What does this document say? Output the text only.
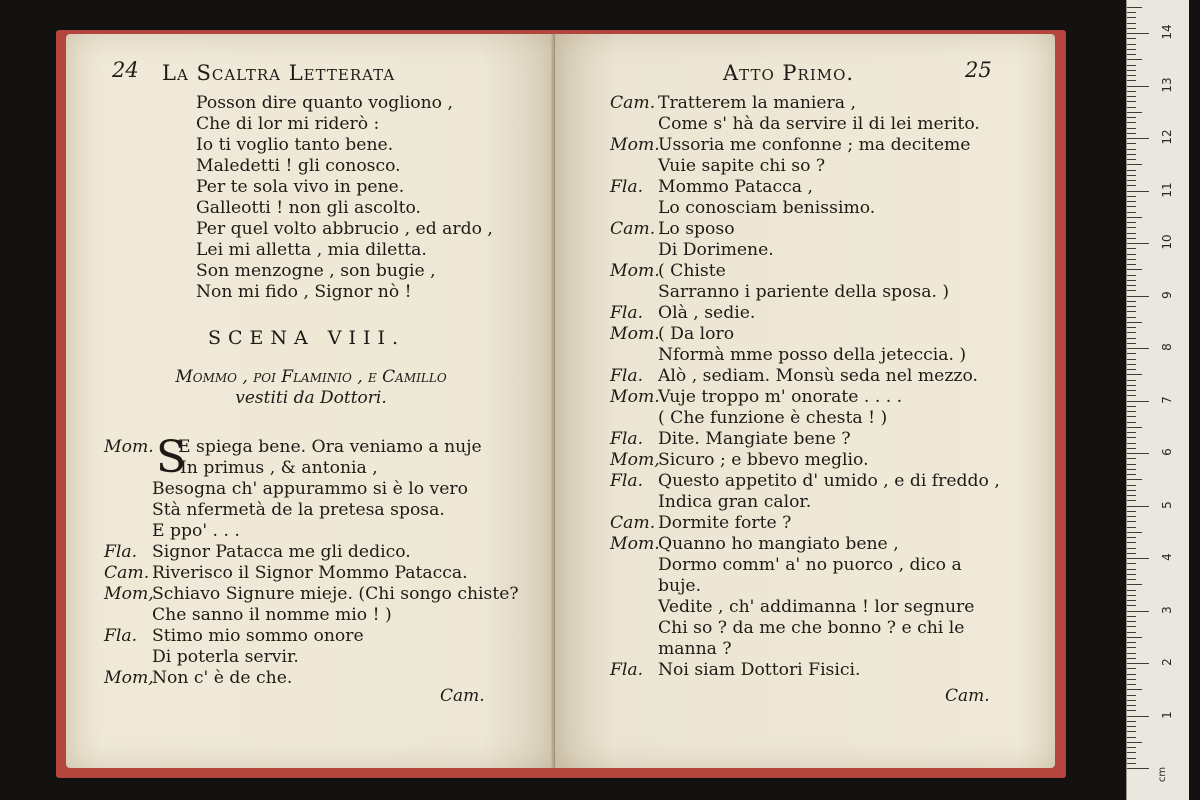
24 La Scaltra Letterata
Posson dire quanto vogliono ,
Che di lor mi riderò :
Io ti voglio tanto bene.
Maledetti ! gli conosco.
Per te sola vivo in pene.
Galleotti ! non gli ascolto.
Per quel volto abbrucio , ed ardo ,
Lei mi alletta , mia diletta.
Son menzogne , son bugie ,
Non mi fido , Signor nò !
SCENA VIII.
Mommo , poi Flaminio , e Camillo
vestiti da Dottori.
S
Mom. E spiega bene. Ora veniamo a nuje
In primus , & antonia ,
Besogna ch' appurammo si è lo vero
Stà nfermetà de la pretesa sposa.
E ppo' . . .
Fla. Signor Patacca me gli dedico.
Cam. Riverisco il Signor Mommo Patacca.
Mom,Schiavo Signure mieje. (Chi songo chiste?
Che sanno il nomme mio ! )
Fla. Stimo mio sommo onore
Di poterla servir.
Mom,Non c' è de che.
Cam.
Atto Primo.	25
Cam. Tratterem la maniera ,
Come s' hà da servire il di lei merito.
Mom.Ussoria me confonne ; ma deciteme
Vuie sapite chi so ?
Fla. Mommo Patacca ,
Lo conosciam benissimo.
Cam. Lo sposo
Di Dorimene.
Mom.( Chiste
Sarranno i pariente della sposa. )
Fla. Olà , sedie.
Mom.( Da loro
Nformà mme posso della jeteccia. )
Fla. Alò , sediam. Monsù seda nel mezzo.
Mom.Vuje troppo m' onorate . . . .
( Che funzione è chesta ! )
Fla. Dite. Mangiate bene ?
Mom,Sicuro ; e bbevo meglio.
Fla. Questo appetito d' umido , e di freddo ,
Indica gran calor.
Cam. Dormite forte ?
Mom.Quanno ho mangiato bene ,
Dormo comm' a' no puorco , dico a
buje.
Vedite , ch' addimanna ! lor segnure
Chi so ? da me che bonno ? e chi le
manna ?
Fla. Noi siam Dottori Fisici.
Cam.
cm
1
2
3
4
5
6
7
8
9
10
11
12
13
14
